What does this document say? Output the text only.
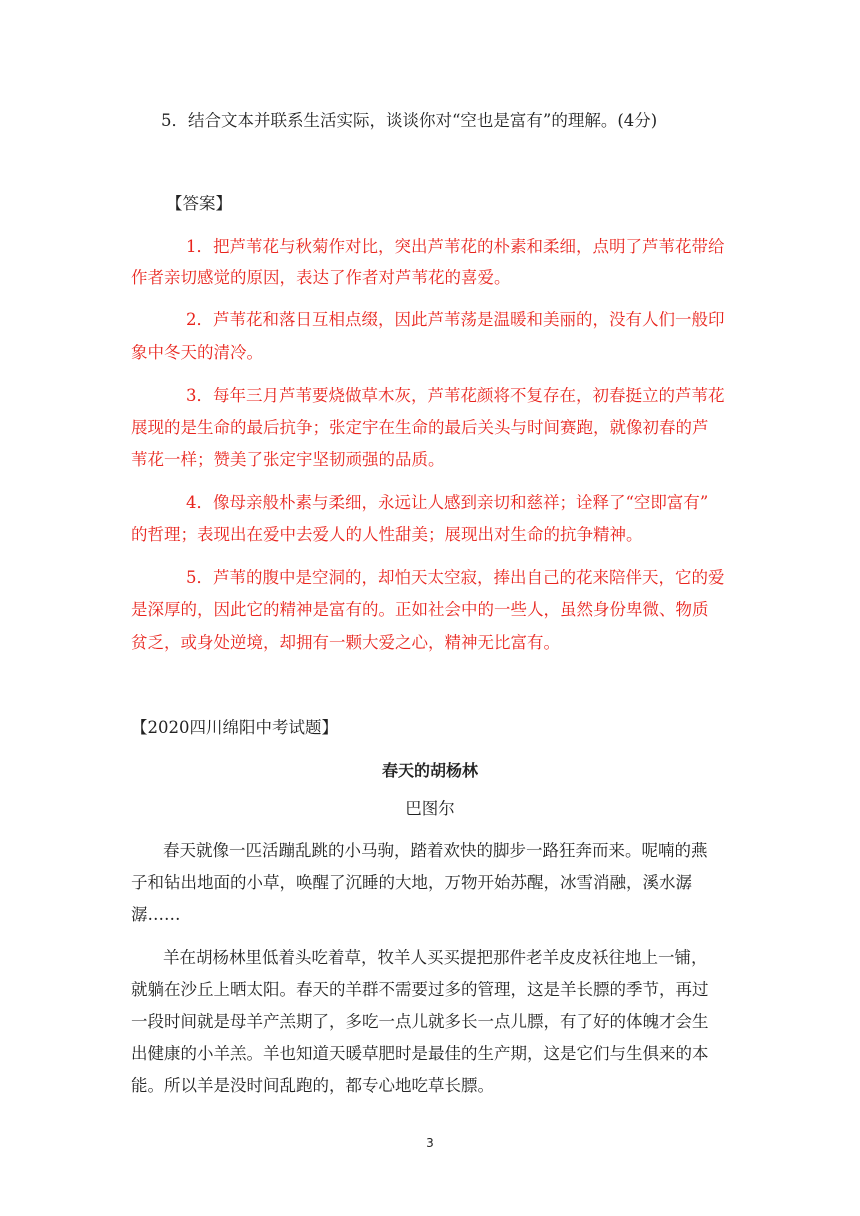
5．结合文本并联系生活实际，谈谈你对“空也是富有”的理解。(4分)
【答案】
1．把芦苇花与秋菊作对比，突出芦苇花的朴素和柔细，点明了芦苇花带给
作者亲切感觉的原因，表达了作者对芦苇花的喜爱。
2．芦苇花和落日互相点缀，因此芦苇荡是温暖和美丽的，没有人们一般印
象中冬天的清冷。
3．每年三月芦苇要烧做草木灰，芦苇花颜将不复存在，初春挺立的芦苇花
展现的是生命的最后抗争；张定宇在生命的最后关头与时间赛跑，就像初春的芦
苇花一样；赞美了张定宇坚韧顽强的品质。
4．像母亲般朴素与柔细，永远让人感到亲切和慈祥；诠释了“空即富有”
的哲理；表现出在爱中去爱人的人性甜美；展现出对生命的抗争精神。
5．芦苇的腹中是空洞的，却怕天太空寂，捧出自己的花来陪伴天，它的爱
是深厚的，因此它的精神是富有的。正如社会中的一些人，虽然身份卑微、物质
贫乏，或身处逆境，却拥有一颗大爱之心，精神无比富有。
【2020四川绵阳中考试题】
春天的胡杨林
巴图尔
春天就像一匹活蹦乱跳的小马驹，踏着欢快的脚步一路狂奔而来。呢喃的燕
子和钻出地面的小草，唤醒了沉睡的大地，万物开始苏醒，冰雪消融，溪水潺
潺……
羊在胡杨林里低着头吃着草，牧羊人买买提把那件老羊皮皮袄往地上一铺，
就躺在沙丘上晒太阳。春天的羊群不需要过多的管理，这是羊长膘的季节，再过
一段时间就是母羊产羔期了，多吃一点儿就多长一点儿膘，有了好的体魄才会生
出健康的小羊羔。羊也知道天暖草肥时是最佳的生产期，这是它们与生俱来的本
能。所以羊是没时间乱跑的，都专心地吃草长膘。
3
